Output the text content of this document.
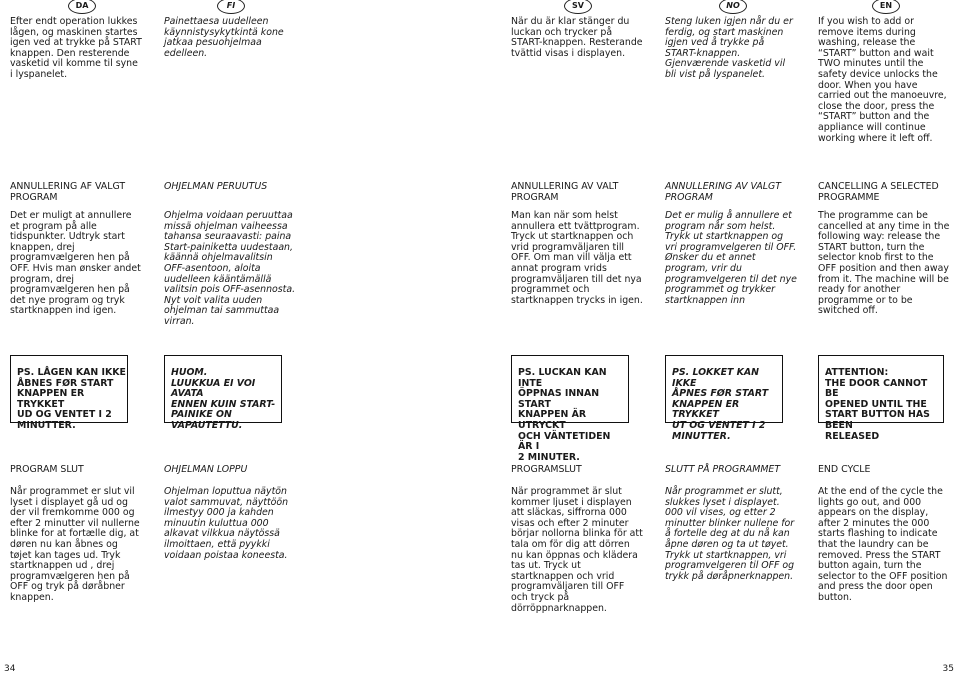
DA

Efter endt operation lukkes lågen, og maskinen startes igen ved at trykke på START knappen. Den resterende vasketid vil komme til syne i lyspanelet.

ANNULLERING AF VALGT PROGRAM

Det er muligt at annullere et program på alle tidspunkter. Udtryk start knappen, drej programvælgeren hen på OFF. Hvis man ønsker andet program, drej programvælgeren hen på det nye program og tryk startknappen ind igen.

PS. LÅGEN KAN IKKE
ÅBNES FØR START
KNAPPEN ER TRYKKET
UD OG VENTET I 2
MINUTTER.

PROGRAM SLUT

Når programmet er slut vil lyset i displayet gå ud og der vil fremkomme 000 og efter 2 minutter vil nullerne blinke for at fortælle dig, at døren nu kan åbnes og tøjet kan tages ud. Tryk startknappen ud , drej programvælgeren hen på OFF og tryk på døråbner knappen.

FI

Painettaesa uudelleen käynnistysykytkintä kone jatkaa pesuohjelmaa edelleen.

OHJELMAN PERUUTUS

Ohjelma voidaan peruuttaa missä ohjelman vaiheessa tahansa seuraavasti: paina Start-painiketta uudestaan, käännä ohjelmavalitsin OFF-asentoon, aloita uudelleen kääntämällä valitsin pois OFF-asennosta. Nyt voit valita uuden ohjelman tai sammuttaa virran.

HUOM.
LUUKKUA EI VOI AVATA
ENNEN KUIN START-
PAINIKE ON
VAPAUTETTU.

OHJELMAN LOPPU

Ohjelman loputtua näytön valot sammuvat, näyttöön ilmestyy 000 ja kahden minuutin kuluttua 000 alkavat vilkkua näytössä ilmoittaen, että pyykki voidaan poistaa koneesta.

SV

När du är klar stänger du luckan och trycker på START-knappen. Resterande tvättid visas i displayen.

ANNULLERING AV VALT PROGRAM

Man kan när som helst annullera ett tvättprogram. Tryck ut startknappen och vrid programväljaren till OFF. Om man vill välja ett annat program vrids programväljaren till det nya programmet och startknappen trycks in igen.

PS. LUCKAN KAN INTE
ÖPPNAS INNAN START
KNAPPEN ÄR UTRYCKT
OCH VÄNTETIDEN ÄR I
2 MINUTER.

PROGRAMSLUT

När programmet är slut kommer ljuset i displayen att släckas, siffrorna 000 visas och efter 2 minuter börjar nollorna blinka för att tala om för dig att dörren nu kan öppnas och klädera tas ut. Tryck ut startknappen och vrid programväljaren till OFF och tryck på dörröppnarknappen.

NO

Steng luken igjen når du er ferdig, og start maskinen igjen ved å trykke på START-knappen. Gjenværende vasketid vil bli vist på lyspanelet.

ANNULLERING AV VALGT PROGRAM

Det er mulig å annullere et program når som helst. Trykk ut startknappen og vri programvelgeren til OFF. Ønsker du et annet program, vrir du programvelgeren til det nye programmet og trykker startknappen inn

PS. LOKKET KAN IKKE
ÅPNES FØR START
KNAPPEN ER TRYKKET
UT OG VENTET I 2
MINUTTER.

SLUTT PÅ PROGRAMMET

Når programmet er slutt, slukkes lyset i displayet. 000 vil vises, og etter 2 minutter blinker nullene for å fortelle deg at du nå kan åpne døren og ta ut tøyet. Trykk ut startknappen, vri programvelgeren til OFF og trykk på døråpnerknappen.

EN

If you wish to add or remove items during washing, release the “START” button and wait TWO minutes until the safety device unlocks the door. When you have carried out the manoeuvre, close the door, press the “START” button and the appliance will continue working where it left off.

CANCELLING A SELECTED PROGRAMME

The programme can be cancelled at any time in the following way: release the START button, turn the selector knob first to the OFF position and then away from it. The machine will be ready for another programme or to be switched off.

ATTENTION:
THE DOOR CANNOT BE
OPENED UNTIL THE
START BUTTON HAS BEEN
RELEASED

END CYCLE

At the end of the cycle the lights go out, and 000 appears on the display, after 2 minutes the 000 starts flashing to indicate that the laundry can be removed. Press the START button again, turn the selector to the OFF position and press the door open button.

34	35
